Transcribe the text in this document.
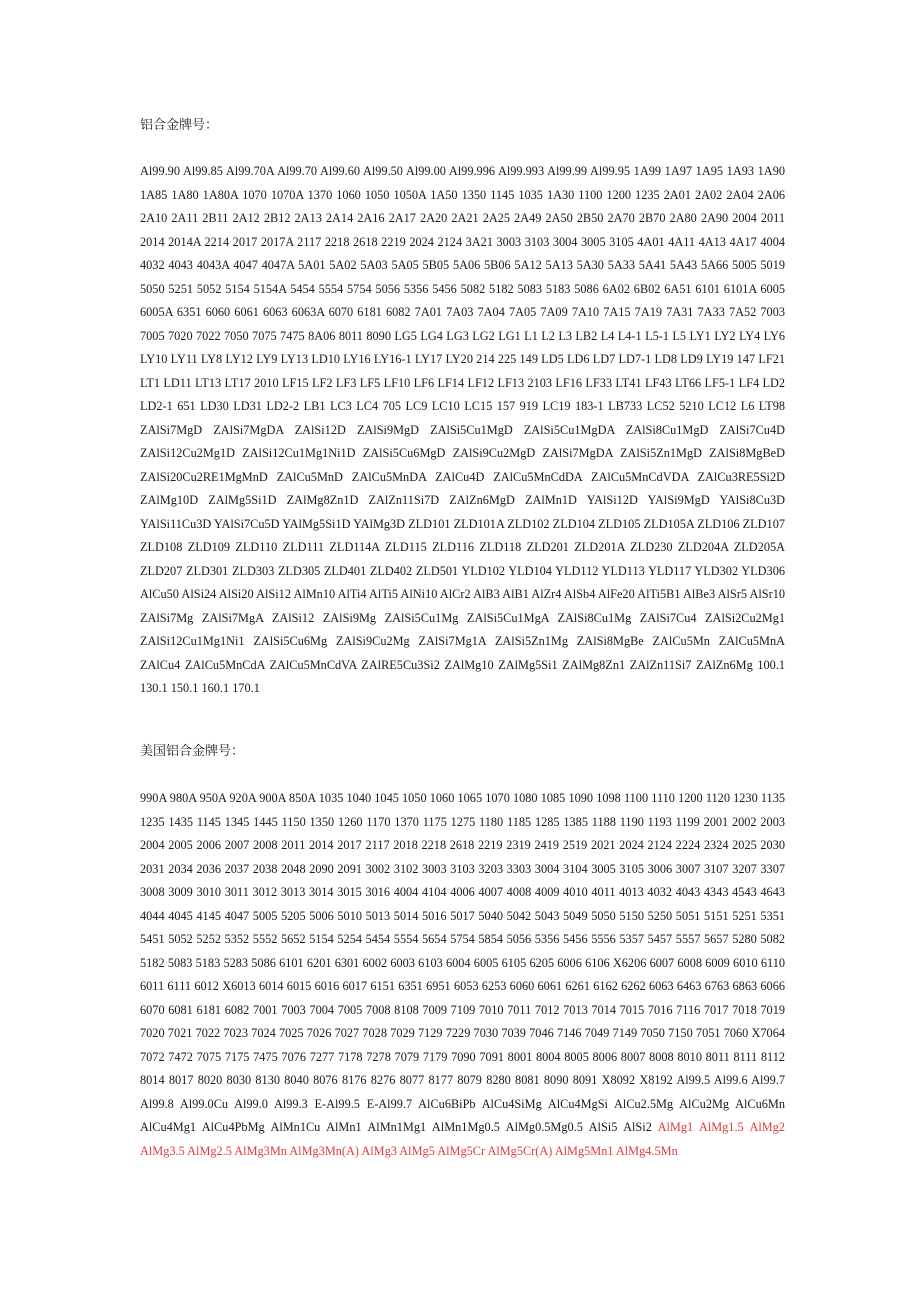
铝合金牌号：
Al99.90 Al99.85 Al99.70A Al99.70 Al99.60 Al99.50 Al99.00 Al99.996 Al99.993 Al99.99 Al99.95 1A99 1A97 1A95 1A93 1A90 1A85 1A80 1A80A 1070 1070A 1370 1060 1050 1050A 1A50 1350 1145 1035 1A30 1100 1200 1235 2A01 2A02 2A04 2A06 2A10 2A11 2B11 2A12 2B12 2A13 2A14 2A16 2A17 2A20 2A21 2A25 2A49 2A50 2B50 2A70 2B70 2A80 2A90 2004 2011 2014 2014A 2214 2017 2017A 2117 2218 2618 2219 2024 2124 3A21 3003 3103 3004 3005 3105 4A01 4A11 4A13 4A17 4004 4032 4043 4043A 4047 4047A 5A01 5A02 5A03 5A05 5B05 5A06 5B06 5A12 5A13 5A30 5A33 5A41 5A43 5A66 5005 5019 5050 5251 5052 5154 5154A 5454 5554 5754 5056 5356 5456 5082 5182 5083 5183 5086 6A02 6B02 6A51 6101 6101A 6005 6005A 6351 6060 6061 6063 6063A 6070 6181 6082 7A01 7A03 7A04 7A05 7A09 7A10 7A15 7A19 7A31 7A33 7A52 7003 7005 7020 7022 7050 7075 7475 8A06 8011 8090 LG5 LG4 LG3 LG2 LG1 L1 L2 L3 LB2 L4 L4-1 L5-1 L5 LY1 LY2 LY4 LY6 LY10 LY11 LY8 LY12 LY9 LY13 LD10 LY16 LY16-1 LY17 LY20 214 225 149 LD5 LD6 LD7 LD7-1 LD8 LD9 LY19 147 LF21 LT1 LD11 LT13 LT17 2010 LF15 LF2 LF3 LF5 LF10 LF6 LF14 LF12 LF13 2103 LF16 LF33 LT41 LF43 LT66 LF5-1 LF4 LD2 LD2-1 651 LD30 LD31 LD2-2 LB1 LC3 LC4 705 LC9 LC10 LC15 157 919 LC19 183-1 LB733 LC52 5210 LC12 L6 LT98 ZAlSi7MgD ZAlSi7MgDA ZAlSi12D ZAlSi9MgD ZAlSi5Cu1MgD ZAlSi5Cu1MgDA ZAlSi8Cu1MgD ZAlSi7Cu4D ZAlSi12Cu2Mg1D ZAlSi12Cu1Mg1Ni1D ZAlSi5Cu6MgD ZAlSi9Cu2MgD ZAlSi7MgDA ZAlSi5Zn1MgD ZAlSi8MgBeD ZAlSi20Cu2RE1MgMnD ZAlCu5MnD ZAlCu5MnDA ZAlCu4D ZAlCu5MnCdDA ZAlCu5MnCdVDA ZAlCu3RE5Si2D ZAlMg10D ZAlMg5Si1D ZAlMg8Zn1D ZAlZn11Si7D ZAlZn6MgD ZAlMn1D YAlSi12D YAlSi9MgD YAlSi8Cu3D YAlSi11Cu3D YAlSi7Cu5D YAlMg5Si1D YAlMg3D ZLD101 ZLD101A ZLD102 ZLD104 ZLD105 ZLD105A ZLD106 ZLD107 ZLD108 ZLD109 ZLD110 ZLD111 ZLD114A ZLD115 ZLD116 ZLD118 ZLD201 ZLD201A ZLD230 ZLD204A ZLD205A ZLD207 ZLD301 ZLD303 ZLD305 ZLD401 ZLD402 ZLD501 YLD102 YLD104 YLD112 YLD113 YLD117 YLD302 YLD306 AlCu50 AlSi24 AlSi20 AlSi12 AlMn10 AlTi4 AlTi5 AlNi10 AlCr2 AlB3 AlB1 AlZr4 AlSb4 AlFe20 AlTi5B1 AlBe3 AlSr5 AlSr10 ZAlSi7Mg ZAlSi7MgA ZAlSi12 ZAlSi9Mg ZAlSi5Cu1Mg ZAlSi5Cu1MgA ZAlSi8Cu1Mg ZAlSi7Cu4 ZAlSi2Cu2Mg1 ZAlSi12Cu1Mg1Ni1 ZAlSi5Cu6Mg ZAlSi9Cu2Mg ZAlSi7Mg1A ZAlSi5Zn1Mg ZAlSi8MgBe ZAlCu5Mn ZAlCu5MnA ZAlCu4 ZAlCu5MnCdA ZAlCu5MnCdVA ZAlRE5Cu3Si2 ZAlMg10 ZAlMg5Si1 ZAlMg8Zn1 ZAlZn11Si7 ZAlZn6Mg 100.1 130.1 150.1 160.1 170.1
美国铝合金牌号：
990A 980A 950A 920A 900A 850A 1035 1040 1045 1050 1060 1065 1070 1080 1085 1090 1098 1100 1110 1200 1120 1230 1135 1235 1435 1145 1345 1445 1150 1350 1260 1170 1370 1175 1275 1180 1185 1285 1385 1188 1190 1193 1199 2001 2002 2003 2004 2005 2006 2007 2008 2011 2014 2017 2117 2018 2218 2618 2219 2319 2419 2519 2021 2024 2124 2224 2324 2025 2030 2031 2034 2036 2037 2038 2048 2090 2091 3002 3102 3003 3103 3203 3303 3004 3104 3005 3105 3006 3007 3107 3207 3307 3008 3009 3010 3011 3012 3013 3014 3015 3016 4004 4104 4006 4007 4008 4009 4010 4011 4013 4032 4043 4343 4543 4643 4044 4045 4145 4047 5005 5205 5006 5010 5013 5014 5016 5017 5040 5042 5043 5049 5050 5150 5250 5051 5151 5251 5351 5451 5052 5252 5352 5552 5652 5154 5254 5454 5554 5654 5754 5854 5056 5356 5456 5556 5357 5457 5557 5657 5280 5082 5182 5083 5183 5283 5086 6101 6201 6301 6002 6003 6103 6004 6005 6105 6205 6006 6106 X6206 6007 6008 6009 6010 6110 6011 6111 6012 X6013 6014 6015 6016 6017 6151 6351 6951 6053 6253 6060 6061 6261 6162 6262 6063 6463 6763 6863 6066 6070 6081 6181 6082 7001 7003 7004 7005 7008 8108 7009 7109 7010 7011 7012 7013 7014 7015 7016 7116 7017 7018 7019 7020 7021 7022 7023 7024 7025 7026 7027 7028 7029 7129 7229 7030 7039 7046 7146 7049 7149 7050 7150 7051 7060 X7064 7072 7472 7075 7175 7475 7076 7277 7178 7278 7079 7179 7090 7091 8001 8004 8005 8006 8007 8008 8010 8011 8111 8112 8014 8017 8020 8030 8130 8040 8076 8176 8276 8077 8177 8079 8280 8081 8090 8091 X8092 X8192 Al99.5 Al99.6 Al99.7 Al99.8 Al99.0Cu Al99.0 Al99.3 E-Al99.5 E-Al99.7 AlCu6BiPb AlCu4SiMg AlCu4MgSi AlCu2.5Mg AlCu2Mg AlCu6Mn AlCu4Mg1 AlCu4PbMg AlMn1Cu AlMn1 AlMn1Mg1 AlMn1Mg0.5 AlMg0.5Mg0.5 AlSi5 AlSi2 AlMg1 AlMg1.5 AlMg2 AlMg3.5 AlMg2.5 AlMg3Mn AlMg3Mn(A) AlMg3 AlMg5 AlMg5Cr AlMg5Cr(A) AlMg5Mn1 AlMg4.5Mn
